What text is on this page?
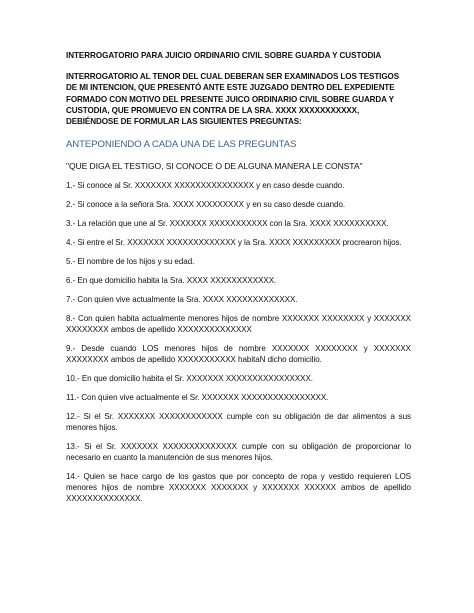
INTERROGATORIO PARA JUICIO ORDINARIO CIVIL SOBRE GUARDA Y CUSTODIA
INTERROGATORIO AL TENOR DEL CUAL DEBERAN SER EXAMINADOS LOS TESTIGOS DE MI INTENCION, QUE PRESENTÓ ANTE ESTE JUZGADO DENTRO DEL EXPEDIENTE FORMADO CON MOTIVO DEL PRESENTE JUICO ORDINARIO CIVIL SOBRE GUARDA Y CUSTODIA, QUE PROMUEVO EN CONTRA DE LA SRA. XXXX XXXXXXXXXXX, DEBIÉNDOSE DE FORMULAR LAS SIGUIENTES PREGUNTAS:
ANTEPONIENDO A CADA UNA DE LAS PREGUNTAS
"QUE DIGA EL TESTIGO, SI CONOCE O DE ALGUNA MANERA LE CONSTA"
1.- Si conoce al Sr. XXXXXXX XXXXXXXXXXXXXXX y en caso desde cuando.
2.- Si conoce a la señora Sra. XXXX XXXXXXXXX y en su caso desde cuando.
3.- La relación que une al Sr. XXXXXXX XXXXXXXXXXX con la Sra. XXXX XXXXXXXXXX.
4.- Si entre el Sr. XXXXXXX XXXXXXXXXXXXX y la Sra. XXXX XXXXXXXXX procrearon hijos.
5.- El nombre de los hijos y su edad.
6.- En que domicilio habita la Sra. XXXX XXXXXXXXXXXX.
7.- Con quien vive actualmente la Sra. XXXX XXXXXXXXXXXXX.
8.- Con quien habita actualmente menores hijos de nombre XXXXXXX XXXXXXXX y XXXXXXX XXXXXXXX ambos de apellido XXXXXXXXXXXXXX
9.- Desde cuando LOS menores hijos de nombre XXXXXXX XXXXXXXX y XXXXXXX XXXXXXXX ambos de apellido XXXXXXXXXXX habitaN dicho domicilio.
10.- En que domicilio habita el Sr. XXXXXXX XXXXXXXXXXXXXXXX.
11.- Con quien vive actualmente el Sr. XXXXXXX XXXXXXXXXXXXXXXX.
12.- Si el Sr. XXXXXXX XXXXXXXXXXXX cumple con su obligación de dar alimentos a sus menores hijos.
13.- Si el Sr. XXXXXXX XXXXXXXXXXXXXX cumple con su obligación de proporcionar lo necesario en cuanto la manutención de sus menores hijos.
14.- Quien se hace cargo de los gastos que por concepto de ropa y vestido requieren LOS menores hijos de nombre XXXXXXX XXXXXXX y XXXXXXX XXXXXX ambos de apellido XXXXXXXXXXXXXX.
